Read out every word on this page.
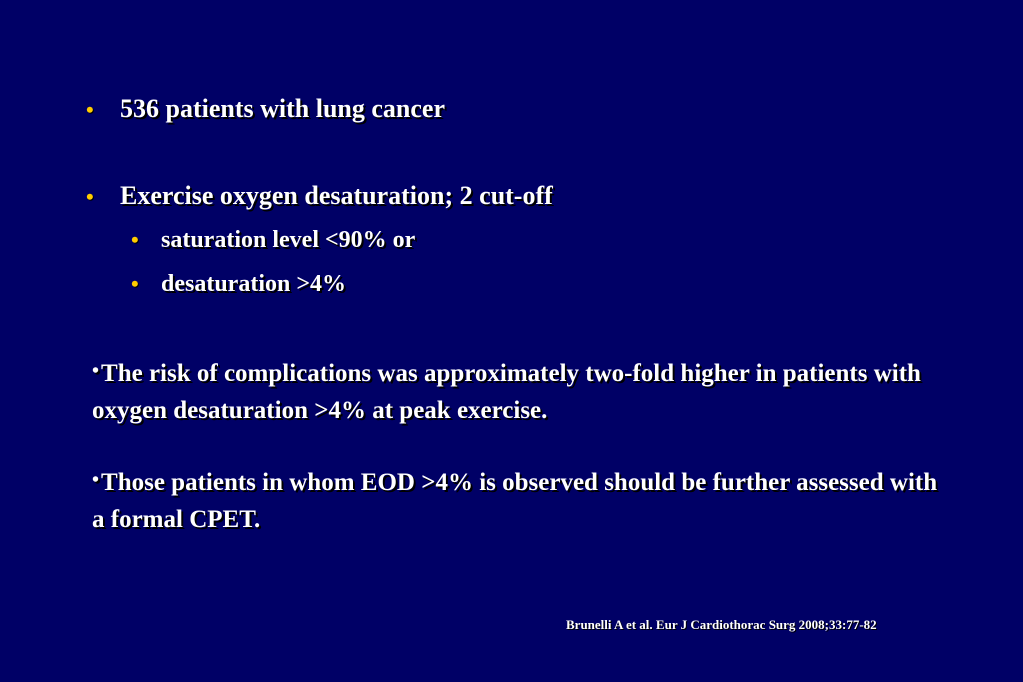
•	536 patients with lung cancer
•	Exercise oxygen desaturation; 2 cut-off
• saturation level <90% or
• desaturation >4%
•The risk of complications was approximately two-fold higher in patients with oxygen desaturation >4% at peak exercise.
•Those patients in whom EOD >4% is observed should be further assessed with a formal CPET.
Brunelli A et al. Eur J Cardiothorac Surg 2008;33:77-82
